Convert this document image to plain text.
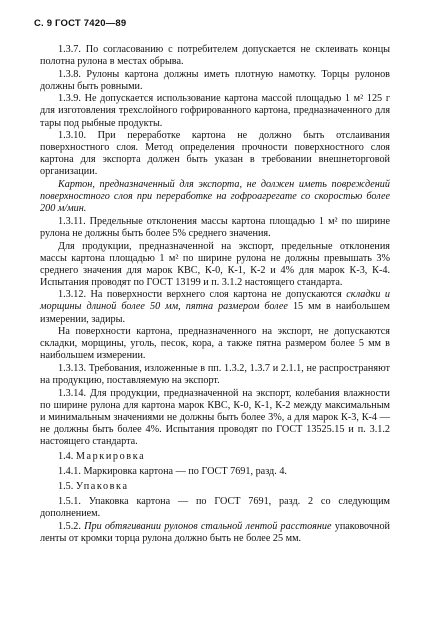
С. 9 ГОСТ 7420—89

1.3.7. По согласованию с потребителем допускается не склеивать концы полотна рулона в местах обрыва.

1.3.8. Рулоны картона должны иметь плотную намотку. Торцы рулонов должны быть ровными.

1.3.9. Не допускается использование картона массой площадью 1 м² 125 г для изготовления трехслойного гофрированного картона, предназначенного для тары под рыбные продукты.

1.3.10. При переработке картона не должно быть отслаивания поверхностного слоя. Метод определения прочности поверхностного слоя картона для экспорта должен быть указан в требовании внешнеторговой организации.

Картон, предназначенный для экспорта, не должен иметь повреждений поверхностного слоя при переработке на гофроагрегате со скоростью более 200 м/мин.

1.3.11. Предельные отклонения массы картона площадью 1 м² по ширине рулона не должны быть более 5% среднего значения.

Для продукции, предназначенной на экспорт, предельные отклонения массы картона площадью 1 м² по ширине рулона не должны превышать 3% среднего значения для марок КВС, К-0, К-1, К-2 и 4% для марок К-3, К-4. Испытания проводят по ГОСТ 13199 и п. 3.1.2 настоящего стандарта.

1.3.12. На поверхности верхнего слоя картона не допускаются складки и морщины длиной более 50 мм, пятна размером более 15 мм в наибольшем измерении, задиры.

На поверхности картона, предназначенного на экспорт, не допускаются складки, морщины, уголь, песок, кора, а также пятна размером более 5 мм в наибольшем измерении.

1.3.13. Требования, изложенные в пп. 1.3.2, 1.3.7 и 2.1.1, не распространяют на продукцию, поставляемую на экспорт.

1.3.14. Для продукции, предназначенной на экспорт, колебания влажности по ширине рулона для картона марок КВС, К-0, К-1, К-2 между максимальным и минимальным значениями не должны быть более 3%, а для марок К-3, К-4 — не должны быть более 4%. Испытания проводят по ГОСТ 13525.15 и п. 3.1.2 настоящего стандарта.

1.4. Маркировка

1.4.1. Маркировка картона — по ГОСТ 7691, разд. 4.

1.5. Упаковка

1.5.1. Упаковка картона — по ГОСТ 7691, разд. 2 со следующим дополнением.

1.5.2. При обтягивании рулонов стальной лентой расстояние упаковочной ленты от кромки торца рулона должно быть не более 25 мм.
